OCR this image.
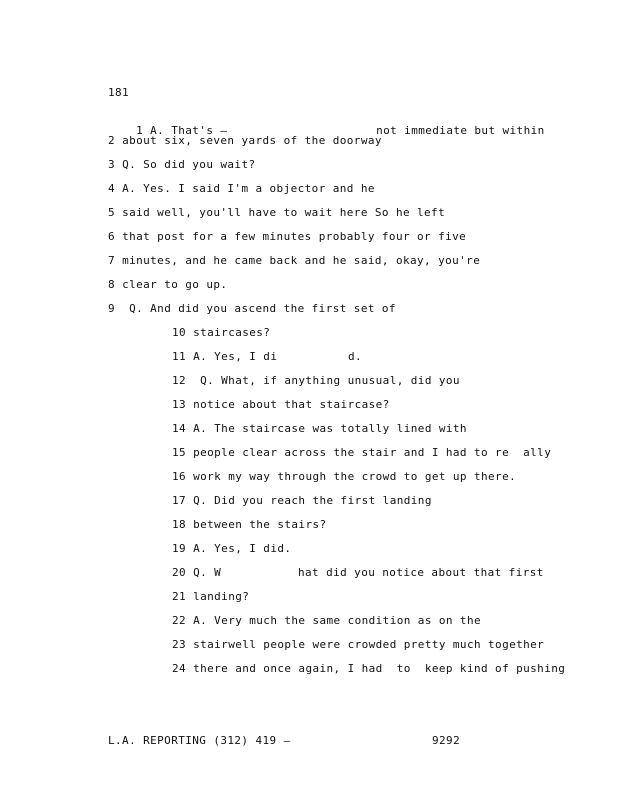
181

1 A. That's –
	not immediate but within

2 about six, seven yards of the doorway
3 Q. So did you wait?
4 A. Yes. I said I'm a objector and he
5 said well, you'll have to wait here So he left
6 that post for a few minutes probably four or five
7 minutes, and he came back and he said, okay, you're
8 clear to go up.
9 Q. And did you ascend the first set of
10 staircases?
11 A. Yes, I di	d.
12 Q. What, if anything unusual, did you
13 notice about that staircase?
14 A. The staircase was totally lined with
15 people clear across the stair and I had to re  ally
16 work my way through the crowd to get up there.
17 Q. Did you reach the first landing
18 between the stairs?
19 A. Yes, I did.
20 Q. W	hat did you notice about that first
21 landing?
22 A. Very much the same condition as on the
23 stairwell people were crowded pretty much together
24 there and once again, I had  to  keep kind of pushing
L.A. REPORTING (312) 419 –	9292
